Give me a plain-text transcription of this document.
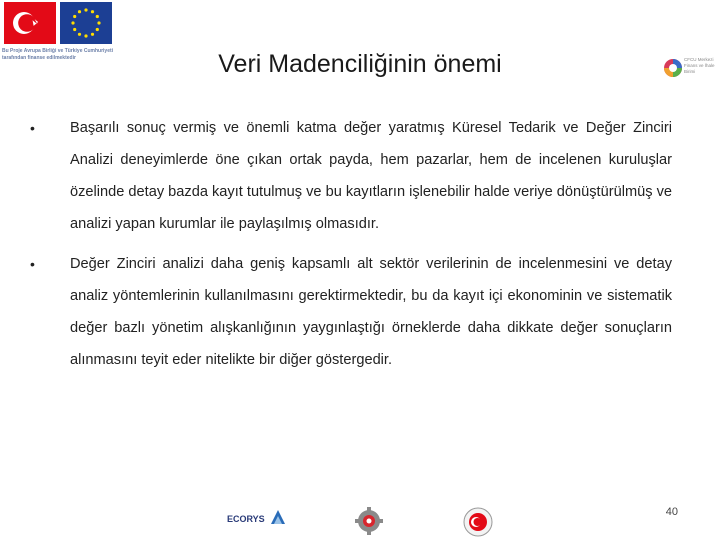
Bu Proje Avrupa Birliği ve Türkiye Cumhuriyeti tarafından finanse edilmektedir	CFCU Merkezi Finans ve İhale Birimi
Veri Madenciliğinin önemi
• Başarılı sonuç vermiş ve önemli katma değer yaratmış Küresel Tedarik ve Değer Zinciri Analizi deneyimlerde öne çıkan ortak payda, hem pazarlar, hem de incelenen kuruluşlar özelinde detay bazda kayıt tutulmuş ve bu kayıtların işlenebilir halde veriye dönüştürülmüş ve analizi yapan kurumlar ile paylaşılmış olmasıdır.
• Değer Zinciri analizi daha geniş kapsamlı alt sektör verilerinin de incelenmesini ve detay analiz yöntemlerinin kullanılmasını gerektirmektedir, bu da kayıt içi ekonominin ve sistematik değer bazlı yönetim alışkanlığının yaygınlaştığı örneklerde daha dikkate değer sonuçların alınmasını teyit eder nitelikte bir diğer göstergedir.
ECORYS
40
